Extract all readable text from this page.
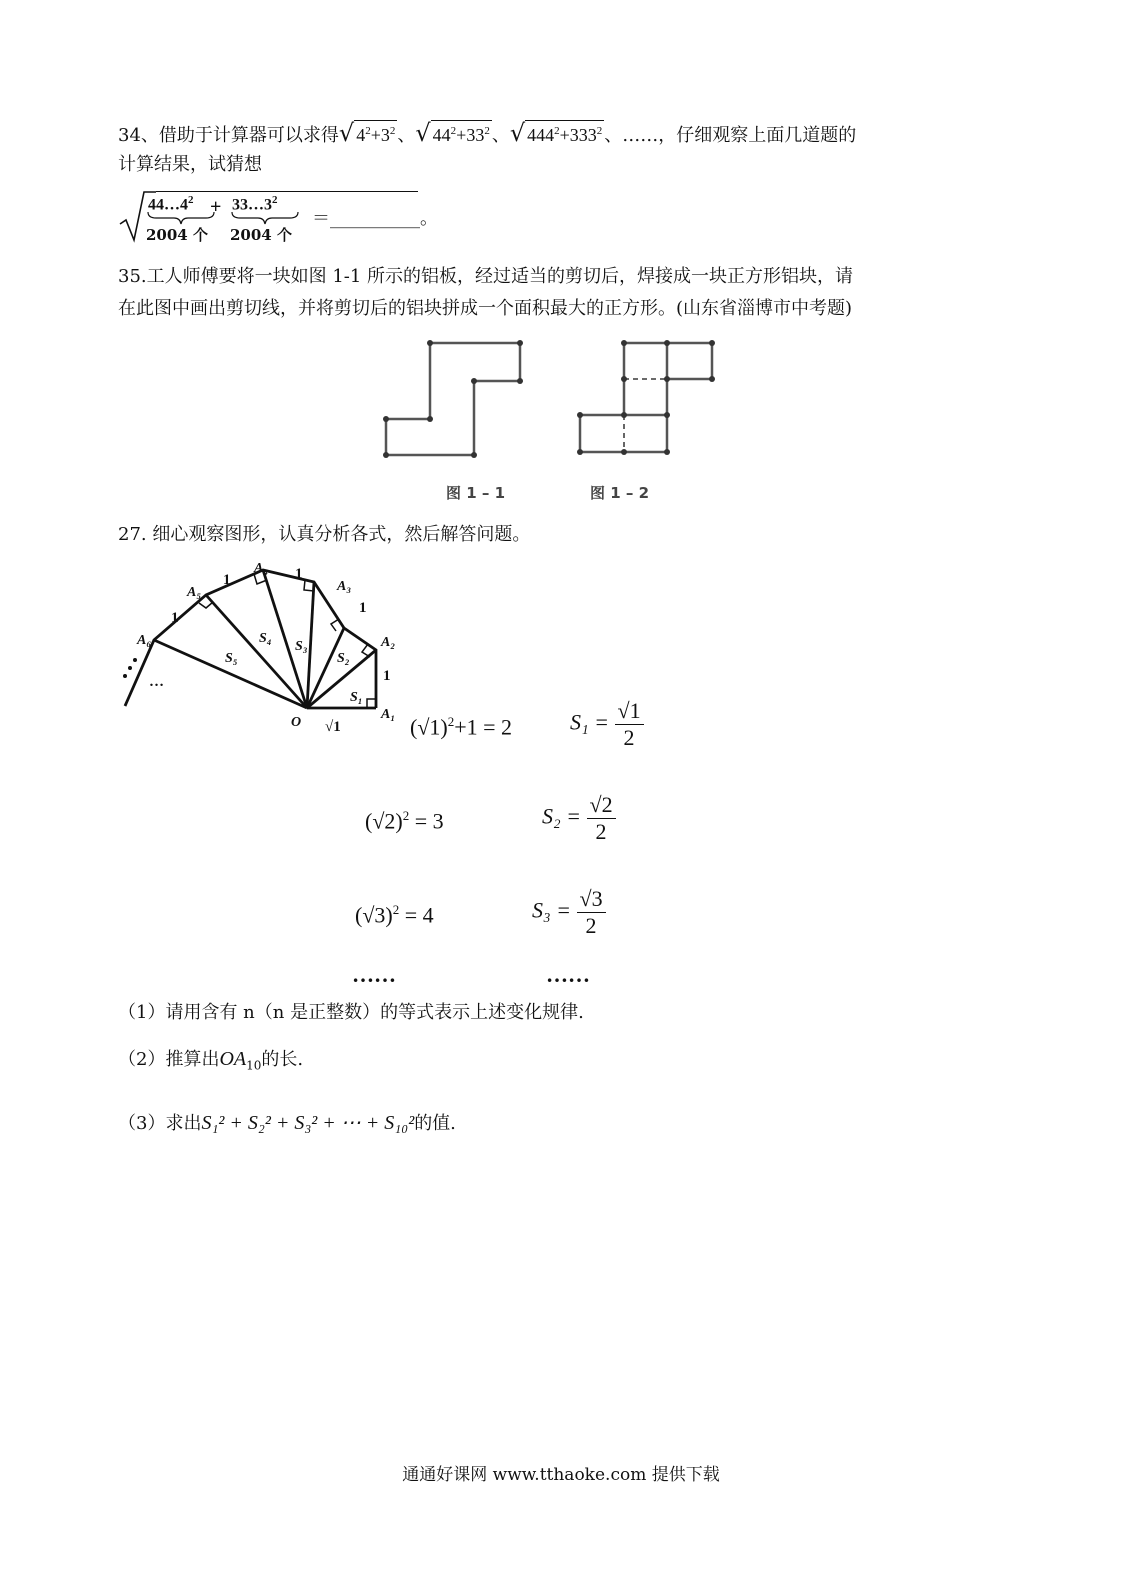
34、借助于计算器可以求得√ $4^2+3^2$ 、√ $44^2+33^2$ 、√ $444^2+333^2$ 、……，仔细观察上面几道题的
计算结果，试猜想
$44\dots 4^2$ + $33\dots 3^2$
2004 个 2004 个
＝__________。
35.工人师傅要将一块如图 1-1 所示的铝板，经过适当的剪切后，焊接成一块正方形铝块，请
在此图中画出剪切线，并将剪切后的铝块拼成一个面积最大的正方形。(山东省淄博市中考题)
图 1 – 1	图 1 – 2
27. 细心观察图形，认真分析各式，然后解答问题。
A₁
A₂
A₃
A₄
A₅
A₆
O
S₁
S₂
S₃
S₄
S₅
1
1
1
1
1
√1
…
$(√1)^2+1 = 2$	$S_1 = \frac{√1}{2}$
$(√2)^2 = 3$	$S_2 = \frac{√2}{2}$
$(√3)^2 = 4$	$S_3 = \frac{√3}{2}$
……	……
（1）请用含有 n（n 是正整数）的等式表示上述变化规律.
（2）推算出$OA_{10}$的长.
（3）求出S₁² + S₂² + S₃² + ⋯ + S₁₀²的值.
通通好课网 www.tthaoke.com 提供下载
